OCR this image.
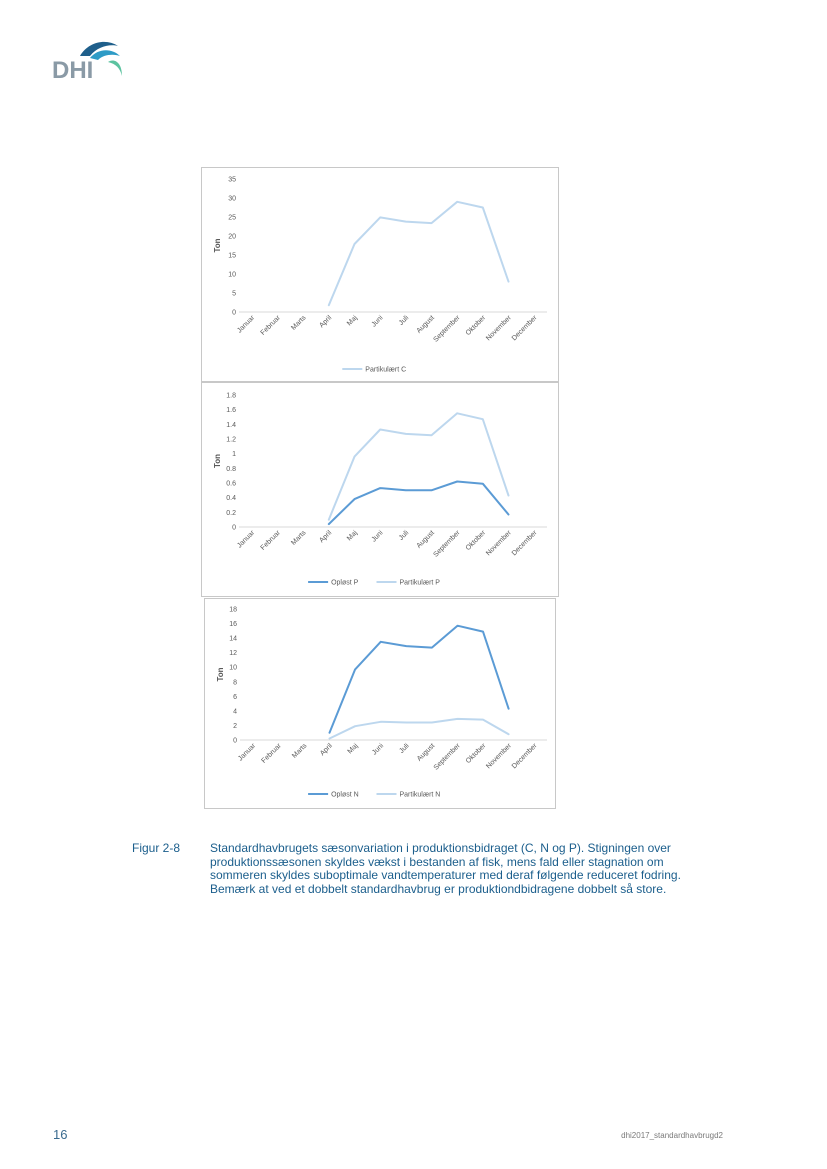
DHI
0
5
10
15
20
25
30
35
Ton
Januar Februar Marts April Maj Juni Juli August
September Oktober
November
December
Partikulært C
0
0.2
0.4
0.6
0.8
1
1.2
1.4
1.6
1.8
Ton
Januar Februar Marts April Maj Juni Juli August
September Oktober
November
December
Opløst P	Partikulært P
0
2
4
6
8
10
12
14
16
18
Ton
Januar Februar Marts April Maj Juni Juli August
September Oktober
November
December
Opløst N	Partikulært N
Figur 2-8 Standardhavbrugets sæsonvariation i produktionsbidraget (C, N og P). Stigningen over produktionssæsonen skyldes vækst i bestanden af fisk, mens fald eller stagnation om sommeren skyldes suboptimale vandtemperaturer med deraf følgende reduceret fodring. Bemærk at ved et dobbelt standardhavbrug er produktiondbidragene dobbelt så store.
16	dhi2017_standardhavbrugd2
